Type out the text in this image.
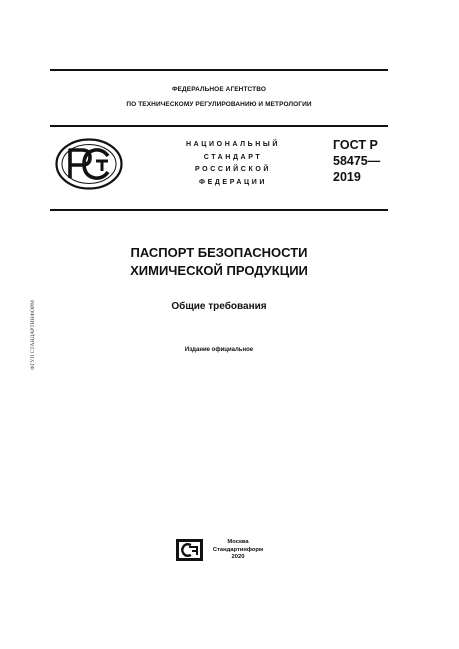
ФЕДЕРАЛЬНОЕ АГЕНТСТВО
ПО ТЕХНИЧЕСКОМУ РЕГУЛИРОВАНИЮ И МЕТРОЛОГИИ
НАЦИОНАЛЬНЫЙ
СТАНДАРТ
РОССИЙСКОЙ
ФЕДЕРАЦИИ
ГОСТ Р
58475—
2019
ПАСПОРТ БЕЗОПАСНОСТИ
ХИМИЧЕСКОЙ ПРОДУКЦИИ
Общие требования
Издание официальное
ФГУП СТАНДАРТИНФОРМ
Москва
Стандартинформ
2020
